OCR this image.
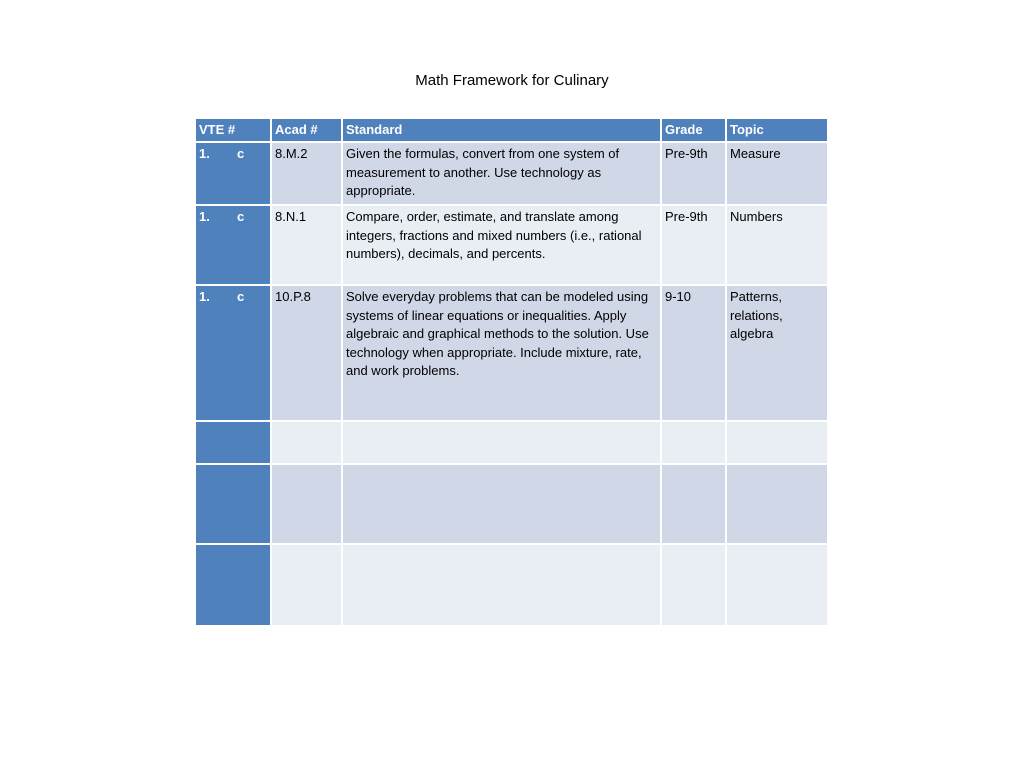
Math Framework for Culinary
VTE #	Acad #	Standard	Grade	Topic
1. c	8.M.2	Given the formulas, convert from one system of measurement to another. Use technology as appropriate.	Pre-9th	Measure
1. c	8.N.1	Compare, order, estimate, and translate among integers, fractions and mixed numbers (i.e., rational numbers), decimals, and percents.	Pre-9th	Numbers
1. c	10.P.8	Solve everyday problems that can be modeled using systems of linear equations or inequalities. Apply algebraic and graphical methods to the solution. Use technology when appropriate. Include mixture, rate, and work problems.	9-10	Patterns, relations, algebra
